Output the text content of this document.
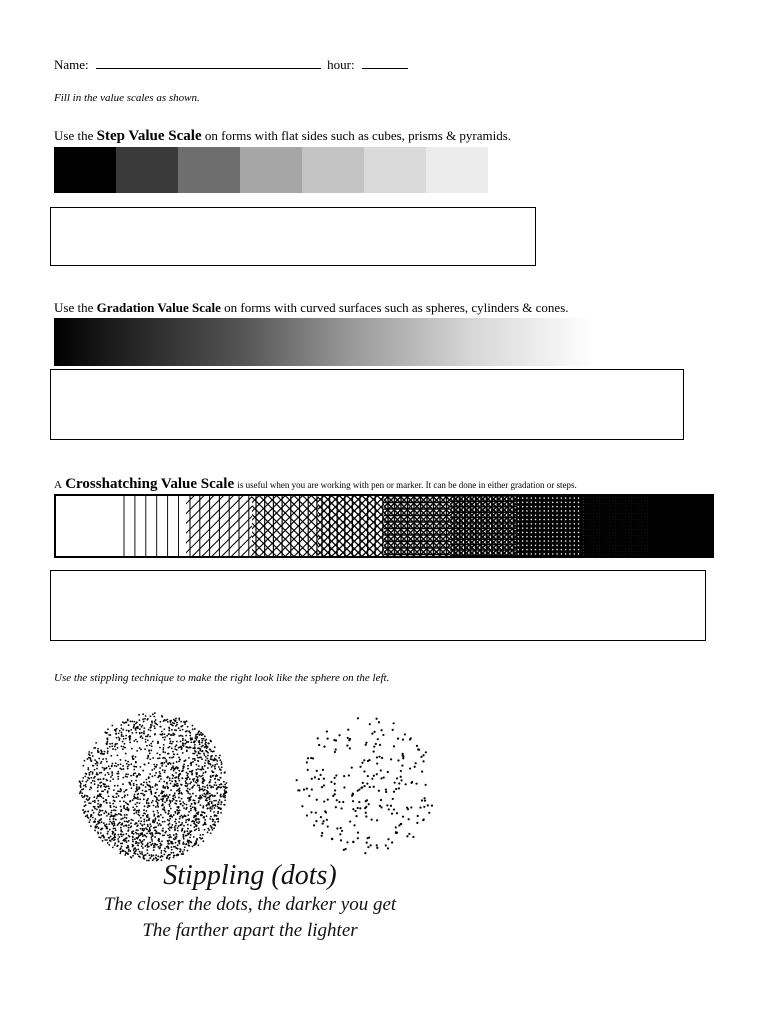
Name:	hour:
Fill in the value scales as shown.
Use the Step Value Scale on forms with flat sides such as cubes, prisms & pyramids.
Use the Gradation Value Scale on forms with curved surfaces such as spheres, cylinders & cones.
A Crosshatching Value Scale is useful when you are working with pen or marker. It can be done in either gradation or steps.
Use the stippling technique to make the right look like the sphere on the left.
Stippling (dots)
The closer the dots, the darker you get
The farther apart the lighter
